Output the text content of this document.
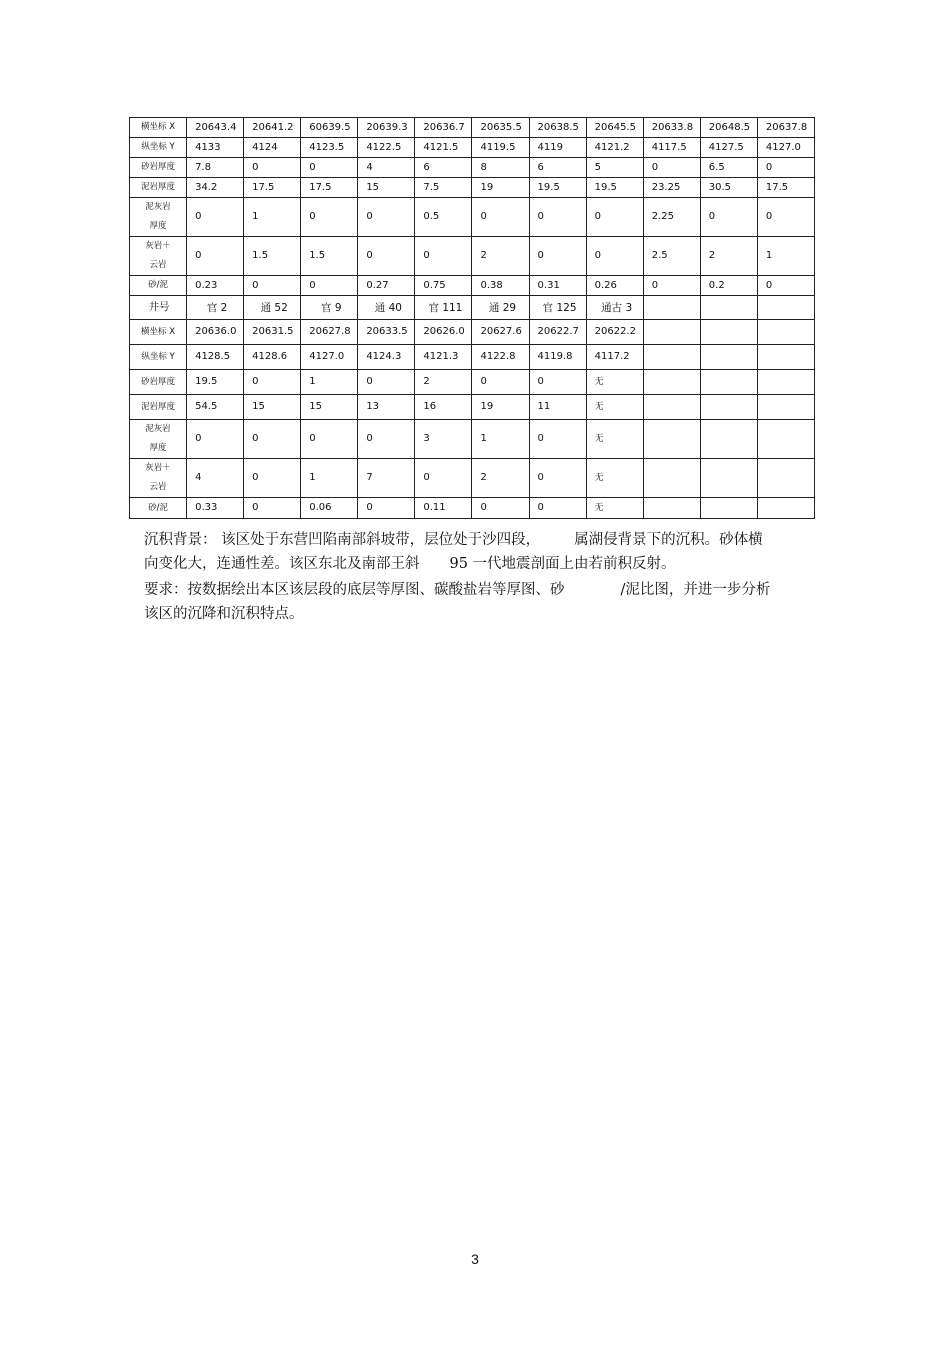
横坐标 X	20643.4	20641.2	60639.5	20639.3	20636.7	20635.5	20638.5	20645.5	20633.8	20648.5	20637.8
纵坐标 Y	4133	4124	4123.5	4122.5	4121.5	4119.5	4119	4121.2	4117.5	4127.5	4127.0
砂岩厚度	7.8	0	0	4	6	8	6	5	0	6.5	0
泥岩厚度	34.2	17.5	17.5	15	7.5	19	19.5	19.5	23.25	30.5	17.5
泥灰岩
厚度	0	1	0	0	0.5	0	0	0	2.25	0	0
灰岩＋
云岩	0	1.5	1.5	0	0	2	0	0	2.5	2	1
砂/泥	0.23	0	0	0.27	0.75	0.38	0.31	0.26	0	0.2	0
井号	官 2	通 52	官 9	通 40	官 111	通 29	官 125	通古 3			
横坐标 X	20636.0	20631.5	20627.8	20633.5	20626.0	20627.6	20622.7	20622.2			
纵坐标 Y	4128.5	4128.6	4127.0	4124.3	4121.3	4122.8	4119.8	4117.2			
砂岩厚度	19.5	0	1	0	2	0	0	无			
泥岩厚度	54.5	15	15	13	16	19	11	无			
泥灰岩
厚度	0	0	0	0	3	1	0	无			
灰岩＋
云岩	4	0	1	7	0	2	0	无			
砂/泥	0.33	0	0.06	0	0.11	0	0	无			
沉积背景： 该区处于东营凹陷南部斜坡带，层位处于沙四段， 属湖侵背景下的沉积。砂体横
向变化大，连通性差。该区东北及南部王斜 95 一代地震剖面上由若前积反射。
要求：按数据绘出本区该层段的底层等厚图、碳酸盐岩等厚图、砂	/泥比图，并进一步分析
该区的沉降和沉积特点。
3
